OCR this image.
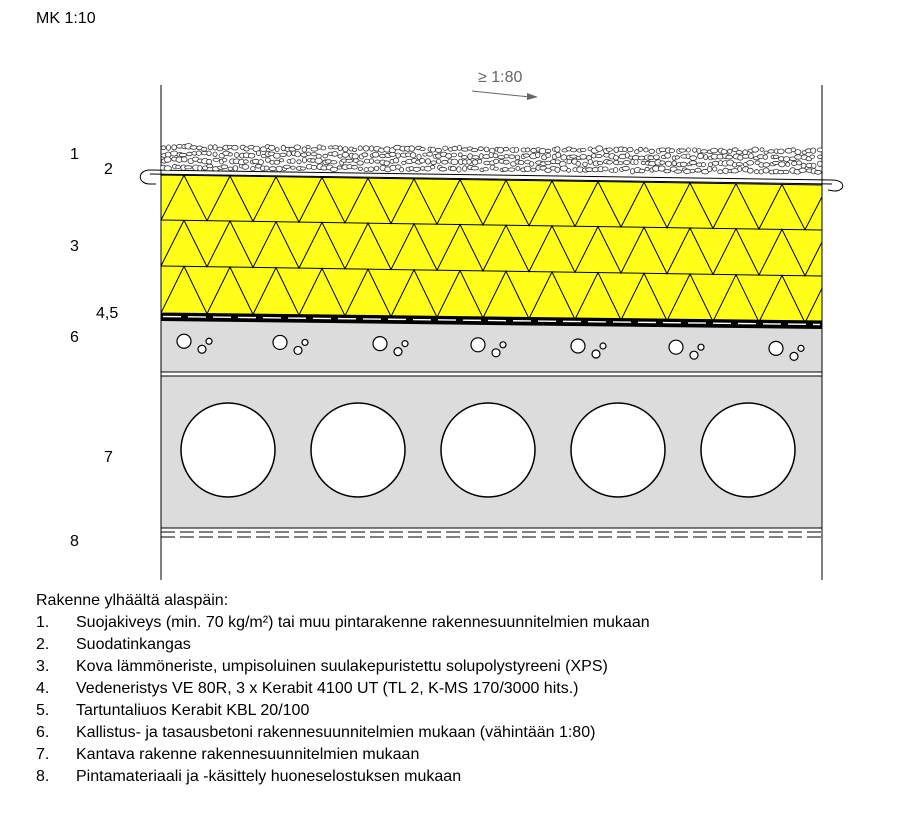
MK 1:10
≥ 1:80
1
2
3
4,5
6
7
8
Rakenne ylhäältä alaspäin:
1.	Suojakiveys (min. 70 kg/m²) tai muu pintarakenne rakennesuunnitelmien mukaan
2.	Suodatinkangas
3.	Kova lämmöneriste, umpisoluinen suulakepuristettu solupolystyreeni (XPS)
4.	Vedeneristys VE 80R, 3 x Kerabit 4100 UT (TL 2, K-MS 170/3000 hits.)
5.	Tartuntaliuos Kerabit KBL 20/100
6.	Kallistus- ja tasausbetoni rakennesuunnitelmien mukaan (vähintään 1:80)
7.	Kantava rakenne rakennesuunnitelmien mukaan
8.	Pintamateriaali ja -käsittely huoneselostuksen mukaan
